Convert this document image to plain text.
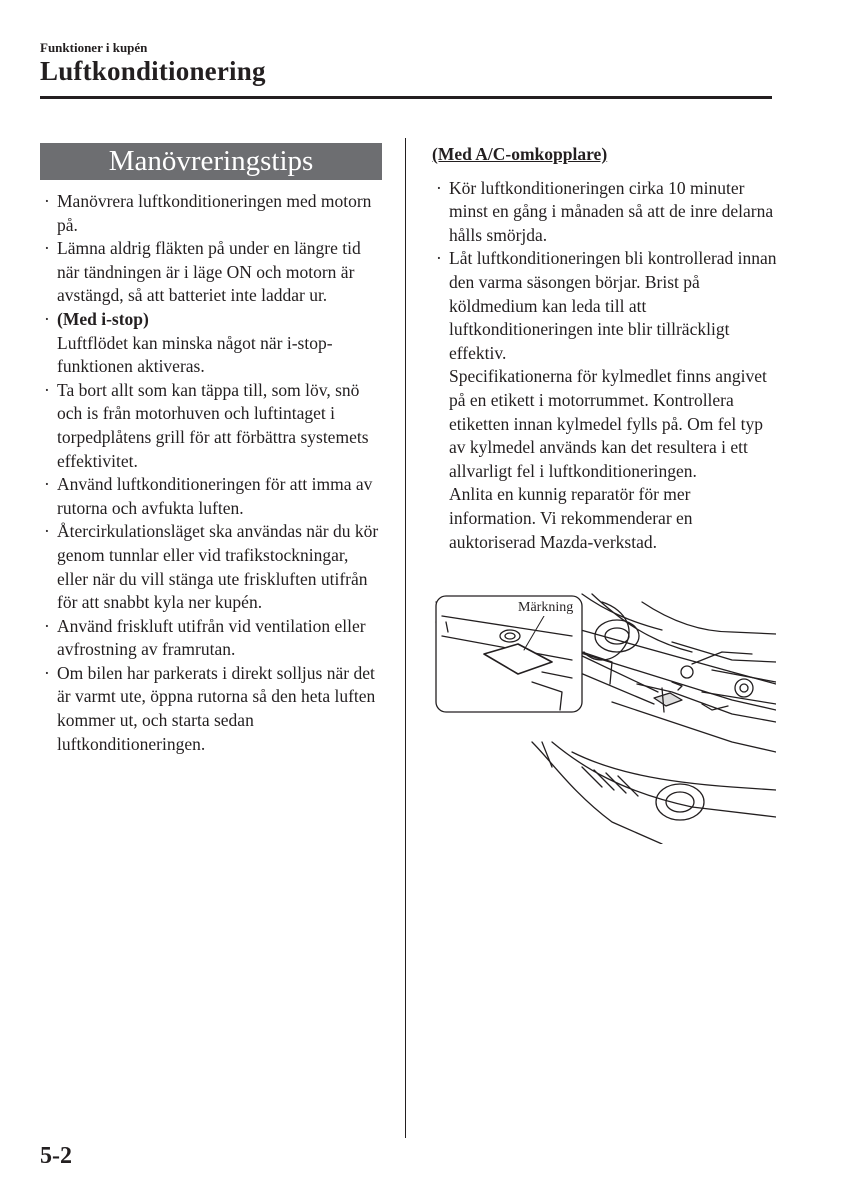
Funktioner i kupén
Luftkonditionering
Manövreringstips
· Manövrera luftkonditioneringen med motorn på.
· Lämna aldrig fläkten på under en längre tid när tändningen är i läge ON och motorn är avstängd, så att batteriet inte laddar ur.
· (Med i-stop)
Luftflödet kan minska något när i-stop-funktionen aktiveras.
· Ta bort allt som kan täppa till, som löv, snö och is från motorhuven och luftintaget i torpedplåtens grill för att förbättra systemets effektivitet.
· Använd luftkonditioneringen för att imma av rutorna och avfukta luften.
· Återcirkulationsläget ska användas när du kör genom tunnlar eller vid trafikstockningar, eller när du vill stänga ute friskluften utifrån för att snabbt kyla ner kupén.
· Använd friskluft utifrån vid ventilation eller avfrostning av framrutan.
· Om bilen har parkerats i direkt solljus när det är varmt ute, öppna rutorna så den heta luften kommer ut, och starta sedan luftkonditioneringen.
(Med A/C-omkopplare)
· Kör luftkonditioneringen cirka 10 minuter minst en gång i månaden så att de inre delarna hålls smörjda.
· Låt luftkonditioneringen bli kontrollerad innan den varma säsongen börjar. Brist på köldmedium kan leda till att luftkonditioneringen inte blir tillräckligt effektiv.
Specifikationerna för kylmedlet finns angivet på en etikett i motorrummet. Kontrollera etiketten innan kylmedel fylls på. Om fel typ av kylmedel används kan det resultera i ett allvarligt fel i luftkonditioneringen.
Anlita en kunnig reparatör för mer information. Vi rekommenderar en auktoriserad Mazda-verkstad.
Märkning
5-2
